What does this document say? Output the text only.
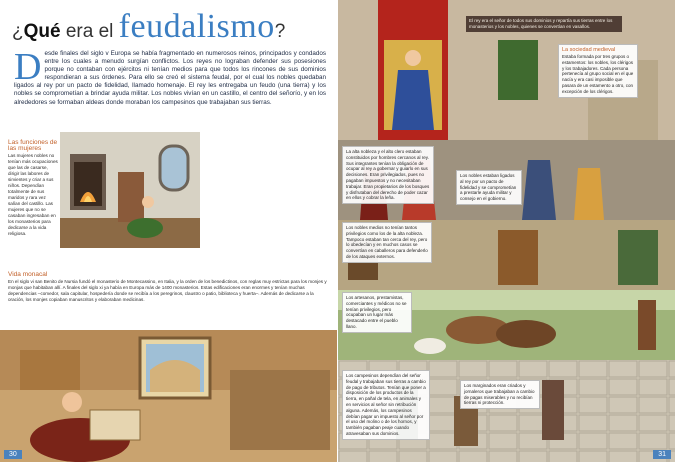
¿Qué era el feudalismo?
Desde finales del siglo v Europa se había fragmentado en numerosos reinos, principados y condados entre los cuales a menudo surgían conflictos. Los reyes no lograban defender sus posesiones porque no contaban con ejércitos ni tenían medios para que todos los rincones de sus dominios respondieran a sus órdenes. Para ello se creó el sistema feudal, por el cual los nobles quedaban ligados al rey por un pacto de fidelidad, llamado homenaje. El rey les entregaba un feudo (una tierra) y los nobles se comprometían a brindar ayuda militar. Los nobles vivían en un castillo, el centro del señorío, y en los alrededores se formaban aldeas donde moraban los campesinos que trabajaban sus tierras.
Las funciones de las mujeres
Las mujeres nobles no tenían más ocupaciones que las de casarse, dirigir las labores de sirvientes y criar a sus niños. Dependían totalmente de sus maridos y rara vez salían del castillo. Las mujeres que no se casaban ingresaban en los monasterios para dedicarse a la vida religiosa.
Vida monacal
En el siglo vi san Benito de Nursia fundó el monasterio de Montecassino, en Italia, y la orden de los benedictinos, con reglas muy estrictas para los monjes y monjas que habitaban allí. A finales del siglo xi ya había en Europa más de 1400 monasterios. Estas edificaciones eran enormes y tenían muchas dependencias –comedor, sala capitular, hospedería donde se recibía a los peregrinos, claustro o patio, biblioteca y huerta–. Además de dedicarse a la oración, los monjes copiaban manuscritos y elaboraban medicinas.
30
El rey era el señor de todos sus dominios y repartía sus tierras entre los monasterios y los nobles, quienes se convertían en vasallos.
La sociedad medieval
Estaba formada por tres grupos o estamentos: los nobles, los clérigos y los trabajadores. Cada persona pertenecía al grupo social en el que nacía y era casi imposible que pasara de un estamento a otro, con excepción de los clérigos.
La alta nobleza y el alto clero estaban constituidos por hombres cercanos al rey. Sus integrantes tenían la obligación de ocupar al rey a gobernar y guiarlo en sus decisiones. Eran privilegiados, pues no pagaban impuestos y no necesitaban trabajar. Eran propietarios de los bosques y disfrutaban del derecho de poder cazar en ellos y cobrar la leña.
Los nobles estaban ligados al rey por un pacto de fidelidad y se comprometían a prestarle ayuda militar y consejo en el gobierno.
Los nobles medios no tenían tantos privilegios como los de la alta nobleza. Tampoco estaban tan cerca del rey, pero lo obedecían y en muchos casos se convertían en caballeros para defenderlo de los ataques externos.
Los artesanos, prestamistas, comerciantes y médicos no se tenían privilegios, pero ocupaban un lugar más destacado entre el pueblo llano.
Los campesinos dependían del señor feudal y trabajaban sus tierras a cambio de pago de tributos. Tenían que poner a disposición de los productos de la tierra, en pañal de tela, en animales y en servicios al señor sin retribución alguna. Además, los campesinos debían pagar un impuesto al señor por el uso del molino o de los hornos, y también pagaban peaje cuando atravesaban sus dominios.
Los marginados eran criados y jornaleros que trabajaban a cambio de pagas miserables y no recibían tierras ni protección.
31
